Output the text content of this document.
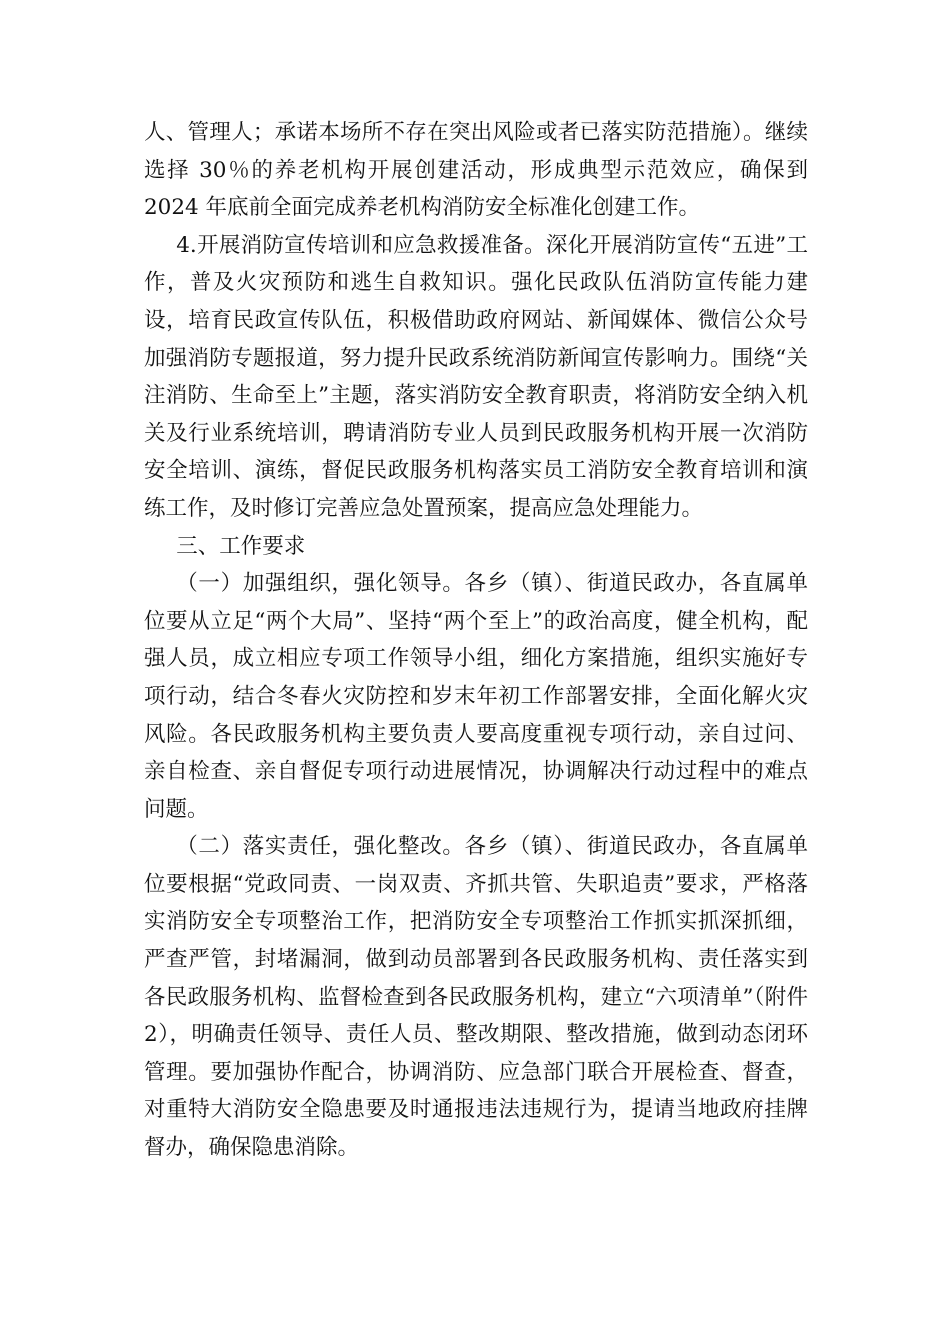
人、管理人；承诺本场所不存在突出风险或者已落实防范措施）。继续选择 30％的养老机构开展创建活动，形成典型示范效应，确保到 2024 年底前全面完成养老机构消防安全标准化创建工作。

4.开展消防宣传培训和应急救援准备。深化开展消防宣传“五进”工作，普及火灾预防和逃生自救知识。强化民政队伍消防宣传能力建设，培育民政宣传队伍，积极借助政府网站、新闻媒体、微信公众号加强消防专题报道，努力提升民政系统消防新闻宣传影响力。围绕“关注消防、生命至上”主题，落实消防安全教育职责，将消防安全纳入机关及行业系统培训，聘请消防专业人员到民政服务机构开展一次消防安全培训、演练，督促民政服务机构落实员工消防安全教育培训和演练工作，及时修订完善应急处置预案，提高应急处理能力。

三、工作要求

（一）加强组织，强化领导。各乡（镇）、街道民政办，各直属单位要从立足“两个大局”、坚持“两个至上”的政治高度，健全机构，配强人员，成立相应专项工作领导小组，细化方案措施，组织实施好专项行动，结合冬春火灾防控和岁末年初工作部署安排，全面化解火灾风险。各民政服务机构主要负责人要高度重视专项行动，亲自过问、亲自检查、亲自督促专项行动进展情况，协调解决行动过程中的难点问题。

（二）落实责任，强化整改。各乡（镇）、街道民政办，各直属单位要根据“党政同责、一岗双责、齐抓共管、失职追责”要求，严格落实消防安全专项整治工作，把消防安全专项整治工作抓实抓深抓细，严查严管，封堵漏洞，做到动员部署到各民政服务机构、责任落实到各民政服务机构、监督检查到各民政服务机构，建立“六项清单”（附件 2），明确责任领导、责任人员、整改期限、整改措施，做到动态闭环管理。要加强协作配合，协调消防、应急部门联合开展检查、督查，对重特大消防安全隐患要及时通报违法违规行为，提请当地政府挂牌督办，确保隐患消除。
